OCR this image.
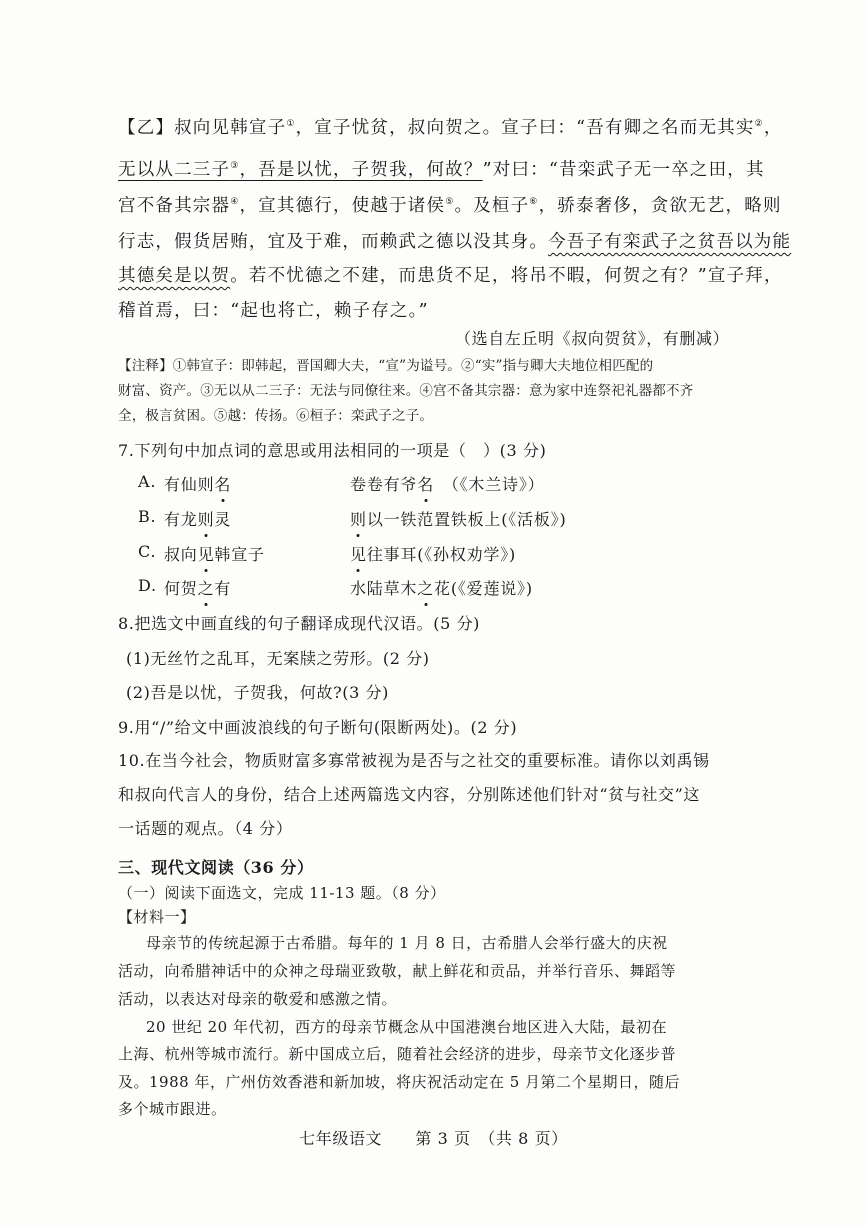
【乙】叔向见韩宣子①，宣子忧贫，叔向贺之。宣子曰：“吾有卿之名而无其实②，
无以从二三子③，吾是以忧，子贺我，何故？”对曰：“昔栾武子无一卒之田，其
宫不备其宗器④，宣其德行，使越于诸侯⑤。及桓子⑥，骄泰奢侈，贪欲无艺，略则
行志，假货居贿，宜及于难，而赖武之德以没其身。今吾子有栾武子之贫吾以为能
其德矣是以贺。若不忧德之不建，而患货不足，将吊不暇，何贺之有？”宣子拜，
稽首焉，曰：“起也将亡，赖子存之。”
（选自左丘明《叔向贺贫》，有删减）
【注释】①韩宣子：即韩起，晋国卿大夫，“宣”为谥号。②“实”指与卿大夫地位相匹配的
财富、资产。③无以从二三子：无法与同僚往来。④宫不备其宗器：意为家中连祭祀礼器都不齐
全，极言贫困。⑤越：传扬。⑥桓子：栾武子之子。
7.下列句中加点词的意思或用法相同的一项是（　）(3 分)
A. 有仙则名	卷卷有爷名　（《木兰诗》）
B. 有龙则灵	则以一铁范置铁板上(《活板》)
C. 叔向见韩宣子	见往事耳(《孙权劝学》)
D. 何贺之有	水陆草木之花(《爱莲说》)
8.把选文中画直线的句子翻译成现代汉语。(5 分)
(1)无丝竹之乱耳，无案牍之劳形。(2 分)
(2)吾是以忧，子贺我，何故?(3 分)
9.用“/”给文中画波浪线的句子断句(限断两处)。(2 分)
10.在当今社会，物质财富多寡常被视为是否与之社交的重要标准。请你以刘禹锡
和叔向代言人的身份，结合上述两篇选文内容，分别陈述他们针对“贫与社交”这
一话题的观点。（4 分）
三、现代文阅读（36 分）
（一）阅读下面选文，完成 11-13 题。（8 分）
【材料一】
母亲节的传统起源于古希腊。每年的 1 月 8 日，古希腊人会举行盛大的庆祝
活动，向希腊神话中的众神之母瑞亚致敬，献上鲜花和贡品，并举行音乐、舞蹈等
活动，以表达对母亲的敬爱和感激之情。
20 世纪 20 年代初，西方的母亲节概念从中国港澳台地区进入大陆，最初在
上海、杭州等城市流行。新中国成立后，随着社会经济的进步，母亲节文化逐步普
及。1988 年，广州仿效香港和新加坡，将庆祝活动定在 5 月第二个星期日，随后
多个城市跟进。
七年级语文　　第 3 页　（共 8 页）
